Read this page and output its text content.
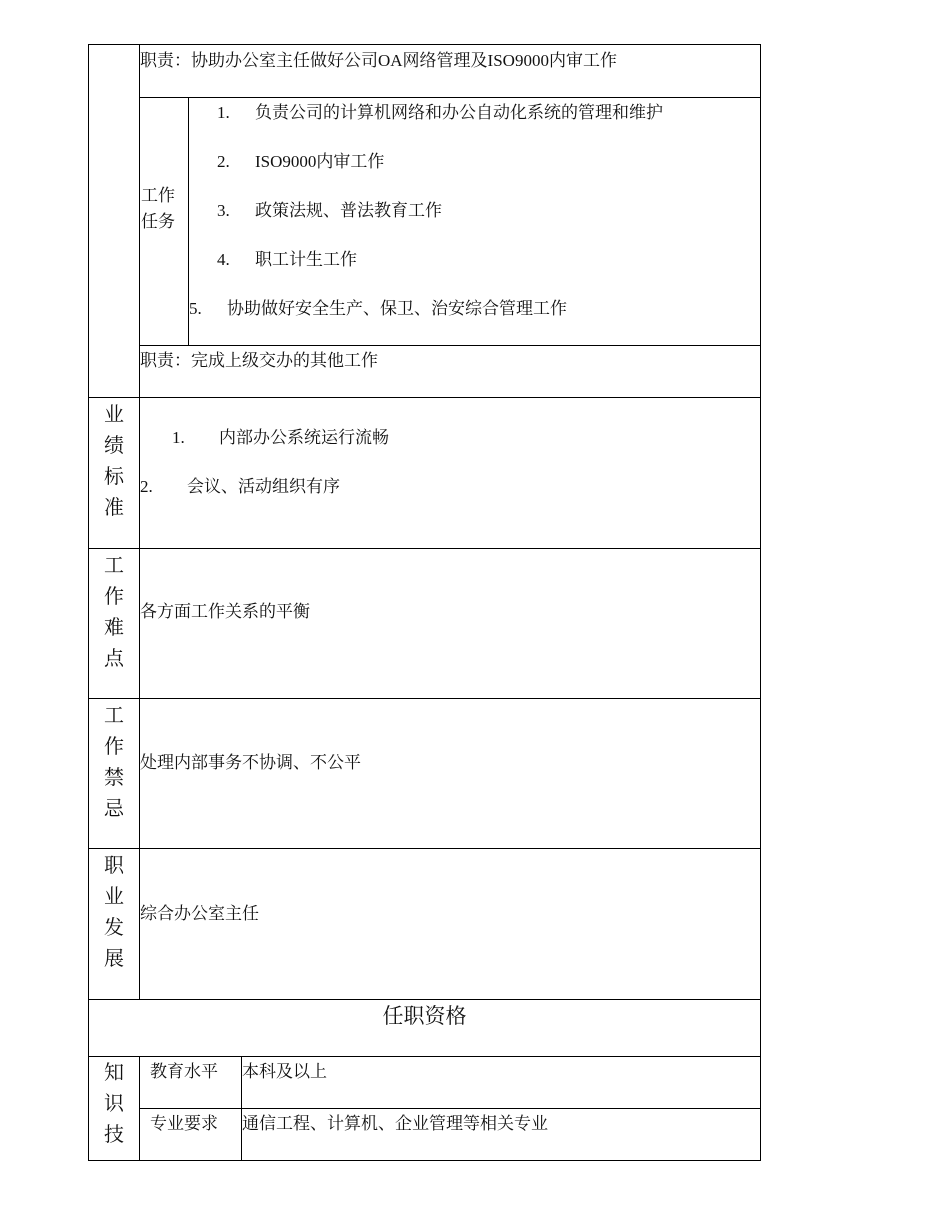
职责：协助办公室主任做好公司OA网络管理及ISO9000内审工作
工作
任务
1. 负责公司的计算机网络和办公自动化系统的管理和维护
2. ISO9000内审工作
3. 政策法规、普法教育工作
4. 职工计生工作
5. 协助做好安全生产、保卫、治安综合管理工作
职责：完成上级交办的其他工作
业
绩
标
准
1. 内部办公系统运行流畅
2. 会议、活动组织有序
工
作
难
点
各方面工作关系的平衡
工
作
禁
忌
处理内部事务不协调、不公平
职
业
发
展
综合办公室主任
任职资格
知
识
技
教育水平 本科及以上
专业要求 通信工程、计算机、企业管理等相关专业
